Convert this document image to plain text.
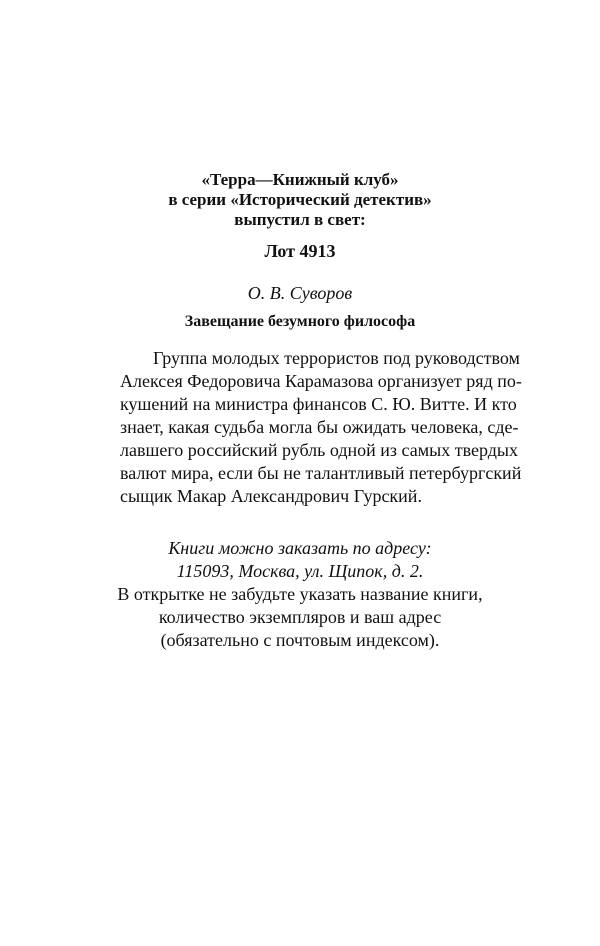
«Терра—Книжный клуб»
в серии «Исторический детектив»
выпустил в свет:
Лот 4913
О. В. Суворов
Завещание безумного философа
Группа молодых террористов под руководством
Алексея Федоровича Карамазова организует ряд по-
кушений на министра финансов С. Ю. Витте. И кто
знает, какая судьба могла бы ожидать человека, сде-
лавшего российский рубль одной из самых твердых
валют мира, если бы не талантливый петербургский
сыщик Макар Александрович Гурский.
Книги можно заказать по адресу:
115093, Москва, ул. Щипок, д. 2.
В открытке не забудьте указать название книги,
количество экземпляров и ваш адрес
(обязательно с почтовым индексом).
